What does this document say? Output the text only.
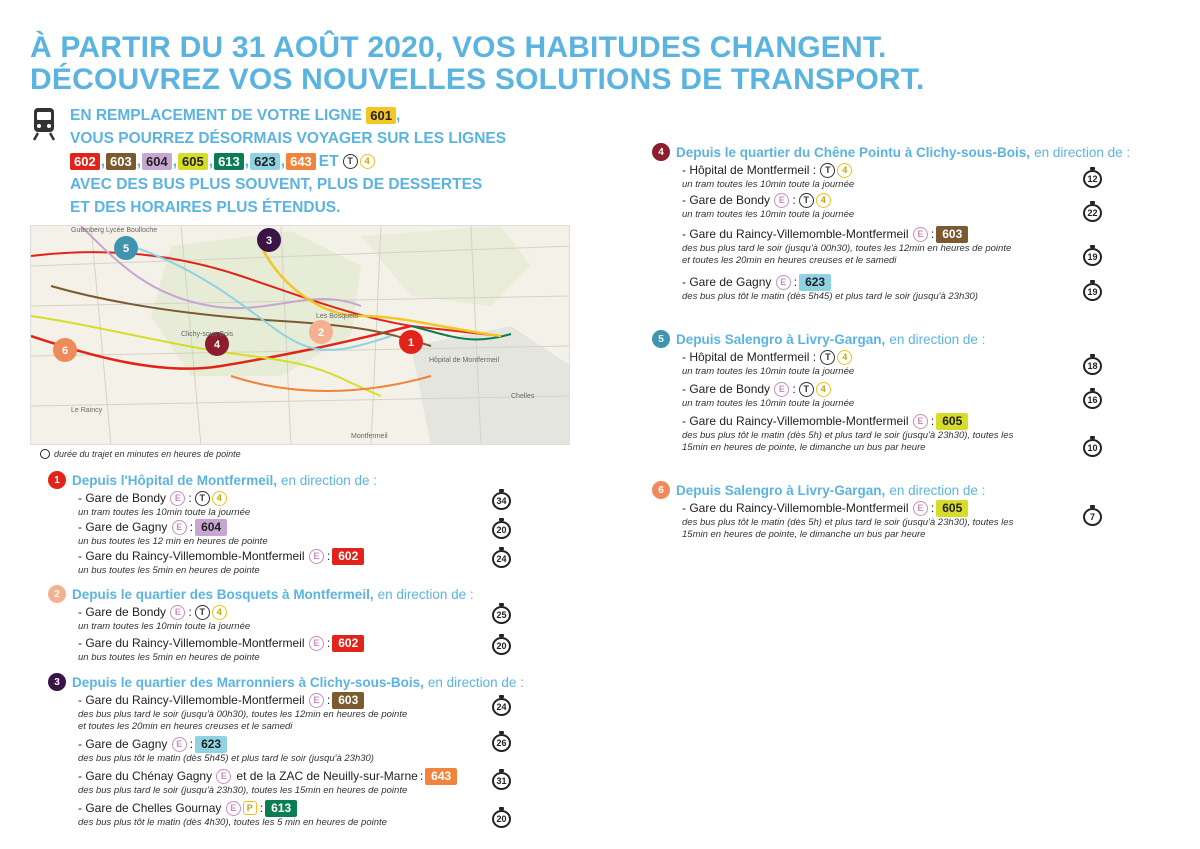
À PARTIR DU 31 AOÛT 2020, VOS HABITUDES CHANGENT.
DÉCOUVREZ VOS NOUVELLES SOLUTIONS DE TRANSPORT.
EN REMPLACEMENT DE VOTRE LIGNE
601 ,
VOUS POURREZ DÉSORMAIS VOYAGER SUR LES LIGNES
602 , 603 , 604 , 605 , 613 , 623 , 643 ET T	4
AVEC DES BUS PLUS SOUVENT, PLUS DE DESSERTES
ET DES HORAIRES PLUS ÉTENDUS.
5
3
2
4	1
6
Montfermeil
Le Raincy
Clichy-sous-Bois
Les Bosquets
Chelles
Hôpital de Montfermeil
Gutenberg Lycée Boulloche
durée du trajet en minutes en heures de pointe
1 Depuis l'Hôpital de Montfermeil, en direction de :
- Gare de Bondy
E : T	4
un tram toutes les 10min toute la journée
34
- Gare de Gagny
E : 604
un bus toutes les 12 min en heures de pointe
20
- Gare du Raincy-Villemomble-Montfermeil
E : 602
un bus toutes les 5min en heures de pointe
24
2 Depuis le quartier des Bosquets à Montfermeil, en direction de :
- Gare de Bondy
E : T	4
un tram toutes les 10min toute la journée
25
- Gare du Raincy-Villemomble-Montfermeil
E : 602
un bus toutes les 5min en heures de pointe
20
3 Depuis le quartier des Marronniers à Clichy-sous-Bois, en direction de :
- Gare du Raincy-Villemomble-Montfermeil
E : 603
des bus plus tard le soir (jusqu'à 00h30), toutes les 12min en heures de pointe
et toutes les 20min en heures creuses et le samedi
24
- Gare de Gagny
E : 623
des bus plus tôt le matin (dès 5h45) et plus tard le soir (jusqu'à 23h30)
26
- Gare du Chénay Gagny
E et de la ZAC de Neuilly-sur-Marne : 643
des bus plus tard le soir (jusqu'à 23h30), toutes les 15min en heures de pointe
31
- Gare de Chelles Gournay
E	P : 613
des bus plus tôt le matin (dès 4h30), toutes les 5 min en heures de pointe	20
4 Depuis le quartier du Chêne Pointu à Clichy-sous-Bois, en direction de :
- Hôpital de Montfermeil :
	T	4
un tram toutes les 10min toute la journée	12
- Gare de Bondy
E : T	4
un tram toutes les 10min toute la journée	22
- Gare du Raincy-Villemomble-Montfermeil
E : 603
des bus plus tard le soir (jusqu'à 00h30), toutes les 12min en heures de pointe
et toutes les 20min en heures creuses et le samedi	19
- Gare de Gagny
E : 623
des bus plus tôt le matin (dès 5h45) et plus tard le soir (jusqu'à 23h30)	19
5 Depuis Salengro à Livry-Gargan, en direction de :
- Hôpital de Montfermeil :
	T	4
un tram toutes les 10min toute la journée	18
- Gare de Bondy
E : T	4
un tram toutes les 10min toute la journée	16
- Gare du Raincy-Villemomble-Montfermeil
E : 605
des bus plus tôt le matin (dès 5h) et plus tard le soir (jusqu'à 23h30), toutes les
15min en heures de pointe, le dimanche un bus par heure	10
6 Depuis Salengro à Livry-Gargan, en direction de :
- Gare du Raincy-Villemomble-Montfermeil
E : 605
des bus plus tôt le matin (dès 5h) et plus tard le soir (jusqu'à 23h30), toutes les
15min en heures de pointe, le dimanche un bus par heure
7
